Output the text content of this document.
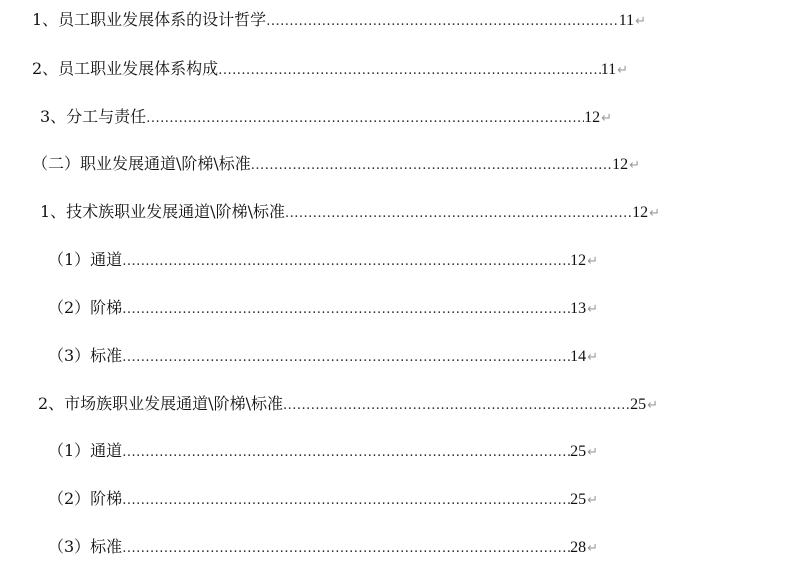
1、员工职业发展体系的设计哲学 .....	11 ↵
2、员工职业发展体系构成 .....	11 ↵
3、分工与责任 .....	12 ↵
（二）职业发展通道\阶梯\标准 .....	12 ↵
1、技术族职业发展通道\阶梯\标准 .....	12 ↵
（1）通道 .....	12 ↵
（2）阶梯 .....	13 ↵
（3）标准 .....	14 ↵
2、市场族职业发展通道\阶梯\标准 .....	25 ↵
（1）通道 .....	25 ↵
（2）阶梯 .....	25 ↵
（3）标准 .....	28 ↵
